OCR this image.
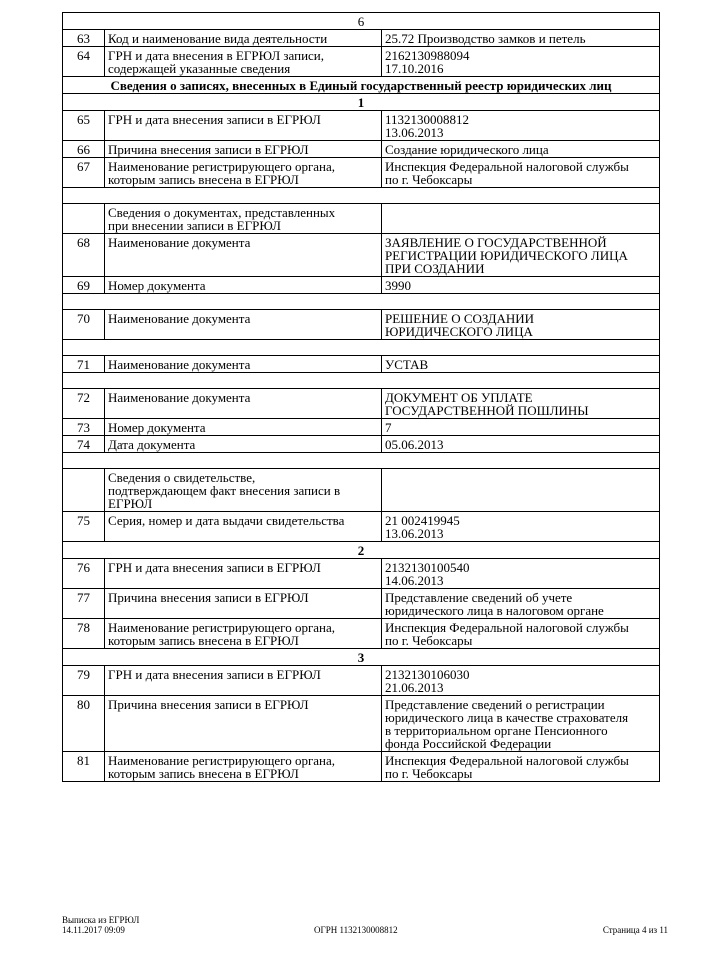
6		
63	Код и наименование вида деятельности	25.72 Производство замков и петель

64	ГРН и дата внесения в ЕГРЮЛ записи,
содержащей указанные сведения	2162130988094
17.10.2016

Сведения о записях, внесенных в Единый государственный реестр юридических лиц		
1		
65	ГРН и дата внесения записи в ЕГРЮЛ	1132130008812
13.06.2013

66	Причина внесения записи в ЕГРЮЛ	Создание юридического лица

67	Наименование регистрирующего органа,
которым запись внесена в ЕГРЮЛ	Инспекция Федеральной налоговой службы
по г. Чебоксары

	Сведения о документах, представленных
при внесении записи в ЕГРЮЛ	

68	Наименование документа	ЗАЯВЛЕНИЕ О ГОСУДАРСТВЕННОЙ
РЕГИСТРАЦИИ ЮРИДИЧЕСКОГО ЛИЦА
ПРИ СОЗДАНИИ

69	Номер документа	3990

70	Наименование документа	РЕШЕНИЕ О СОЗДАНИИ
ЮРИДИЧЕСКОГО ЛИЦА

71	Наименование документа	УСТАВ

72	Наименование документа	ДОКУМЕНТ ОБ УПЛАТЕ
ГОСУДАРСТВЕННОЙ ПОШЛИНЫ

73	Номер документа	7

74	Дата документа	05.06.2013

	Сведения о свидетельстве,
подтверждающем факт внесения записи в
ЕГРЮЛ	

75	Серия, номер и дата выдачи свидетельства	21 002419945
13.06.2013

2		
76	ГРН и дата внесения записи в ЕГРЮЛ	2132130100540
14.06.2013

77	Причина внесения записи в ЕГРЮЛ	Представление сведений об учете
юридического лица в налоговом органе

78	Наименование регистрирующего органа,
которым запись внесена в ЕГРЮЛ	Инспекция Федеральной налоговой службы
по г. Чебоксары

3		
79	ГРН и дата внесения записи в ЕГРЮЛ	2132130106030
21.06.2013

80	Причина внесения записи в ЕГРЮЛ	Представление сведений о регистрации
юридического лица в качестве страхователя
в территориальном органе Пенсионного
фонда Российской Федерации

81	Наименование регистрирующего органа,
которым запись внесена в ЕГРЮЛ	Инспекция Федеральной налоговой службы
по г. Чебоксары
Выписка из ЕГРЮЛ
14.11.2017 09:09	ОГРН 1132130008812	Страница 4 из 11
